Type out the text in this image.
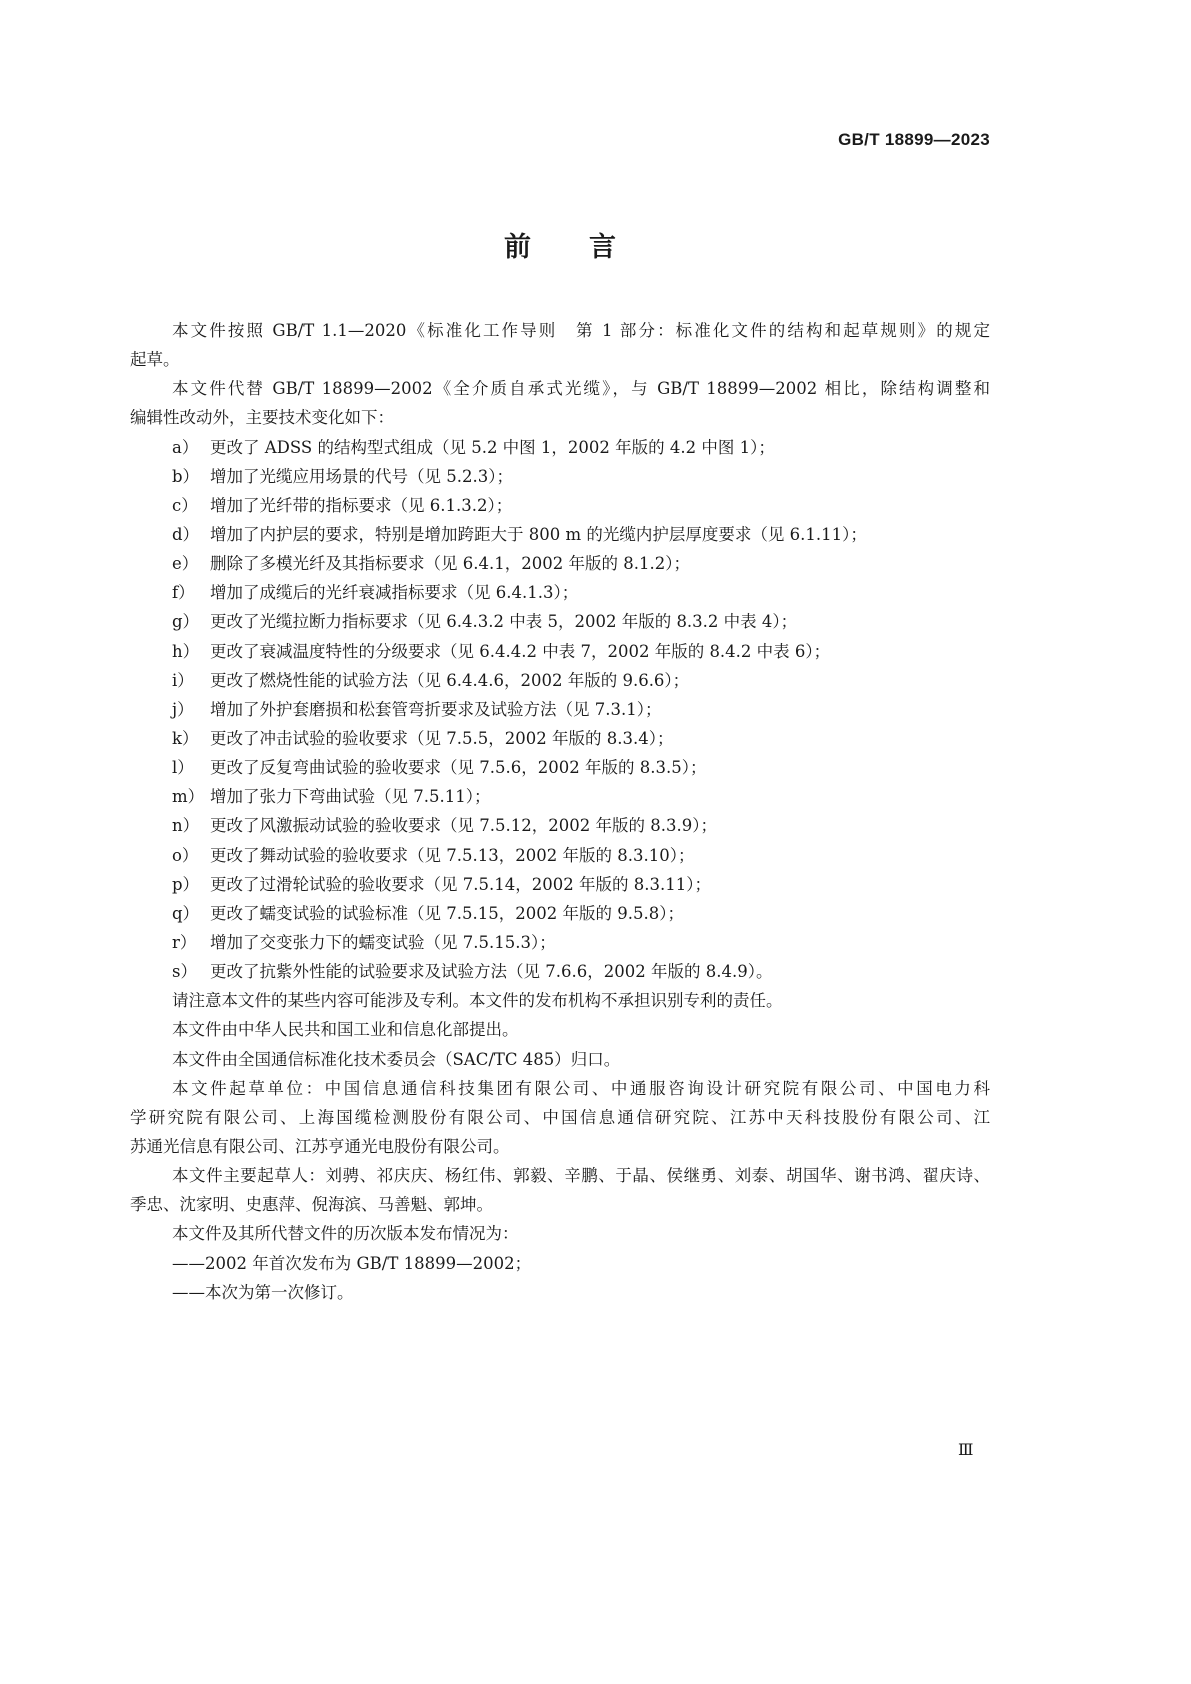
GB/T 18899—2023
前言
本文件按照 GB/T 1.1—2020《标准化工作导则　第 1 部分：标准化文件的结构和起草规则》的规定
起草。
本文件代替 GB/T 18899—2002《全介质自承式光缆》，与 GB/T 18899—2002 相比，除结构调整和
编辑性改动外，主要技术变化如下：
a） 更改了 ADSS 的结构型式组成（见 5.2 中图 1，2002 年版的 4.2 中图 1）；
b） 增加了光缆应用场景的代号（见 5.2.3）；
c） 增加了光纤带的指标要求（见 6.1.3.2）；
d） 增加了内护层的要求，特别是增加跨距大于 800 m 的光缆内护层厚度要求（见 6.1.11）；
e） 删除了多模光纤及其指标要求（见 6.4.1，2002 年版的 8.1.2）；
f） 增加了成缆后的光纤衰减指标要求（见 6.4.1.3）；
g） 更改了光缆拉断力指标要求（见 6.4.3.2 中表 5，2002 年版的 8.3.2 中表 4）；
h） 更改了衰减温度特性的分级要求（见 6.4.4.2 中表 7，2002 年版的 8.4.2 中表 6）；
i） 更改了燃烧性能的试验方法（见 6.4.4.6，2002 年版的 9.6.6）；
j） 增加了外护套磨损和松套管弯折要求及试验方法（见 7.3.1）；
k） 更改了冲击试验的验收要求（见 7.5.5，2002 年版的 8.3.4）；
l） 更改了反复弯曲试验的验收要求（见 7.5.6，2002 年版的 8.3.5）；
m） 增加了张力下弯曲试验（见 7.5.11）；
n） 更改了风激振动试验的验收要求（见 7.5.12，2002 年版的 8.3.9）；
o） 更改了舞动试验的验收要求（见 7.5.13，2002 年版的 8.3.10）；
p） 更改了过滑轮试验的验收要求（见 7.5.14，2002 年版的 8.3.11）；
q） 更改了蠕变试验的试验标准（见 7.5.15，2002 年版的 9.5.8）；
r） 增加了交变张力下的蠕变试验（见 7.5.15.3）；
s） 更改了抗紫外性能的试验要求及试验方法（见 7.6.6，2002 年版的 8.4.9）。
请注意本文件的某些内容可能涉及专利。本文件的发布机构不承担识别专利的责任。
本文件由中华人民共和国工业和信息化部提出。
本文件由全国通信标准化技术委员会（SAC/TC 485）归口。
本文件起草单位：中国信息通信科技集团有限公司、中通服咨询设计研究院有限公司、中国电力科
学研究院有限公司、上海国缆检测股份有限公司、中国信息通信研究院、江苏中天科技股份有限公司、江
苏通光信息有限公司、江苏亨通光电股份有限公司。
本文件主要起草人：刘骋、祁庆庆、杨红伟、郭毅、辛鹏、于晶、侯继勇、刘泰、胡国华、谢书鸿、翟庆诗、
季忠、沈家明、史惠萍、倪海滨、马善魁、郭坤。
本文件及其所代替文件的历次版本发布情况为：
——2002 年首次发布为 GB/T 18899—2002；
——本次为第一次修订。
Ⅲ
